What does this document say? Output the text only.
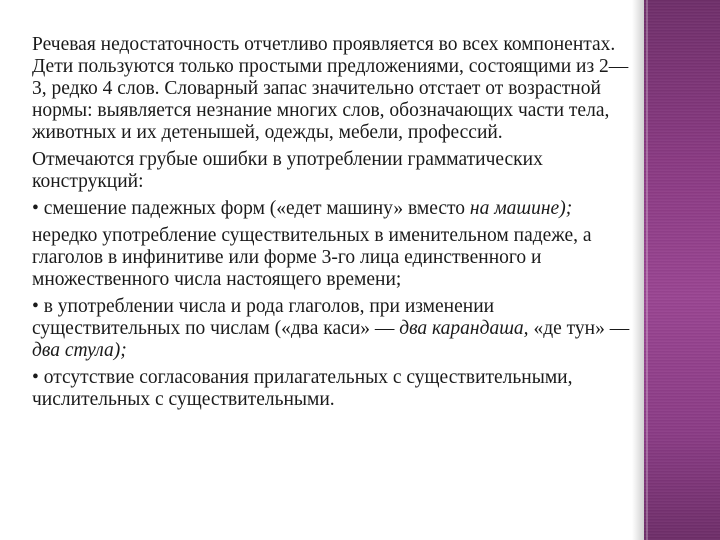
Речевая недостаточность отчетливо проявляется во всех компонентах. Дети пользуются только простыми предложениями, состоящими из 2—3, редко 4 слов. Словарный запас значительно отстает от возрастной нормы: выявляется незнание многих слов, обозначающих части тела, животных и их детенышей, одежды, мебели, профессий.

Отмечаются грубые ошибки в употреблении грамматических конструкций:

• смешение падежных форм («едет машину» вместо на машине);

нередко употребление существительных в именительном падеже, а глаголов в инфинитиве или форме 3-го лица единственного и множественного числа настоящего времени;

• в употреблении числа и рода глаголов, при изменении существительных по числам («два каси» — два карандаша, «де тун» — два стула);

• отсутствие согласования прилагательных с существительными, числительных с существительными.
